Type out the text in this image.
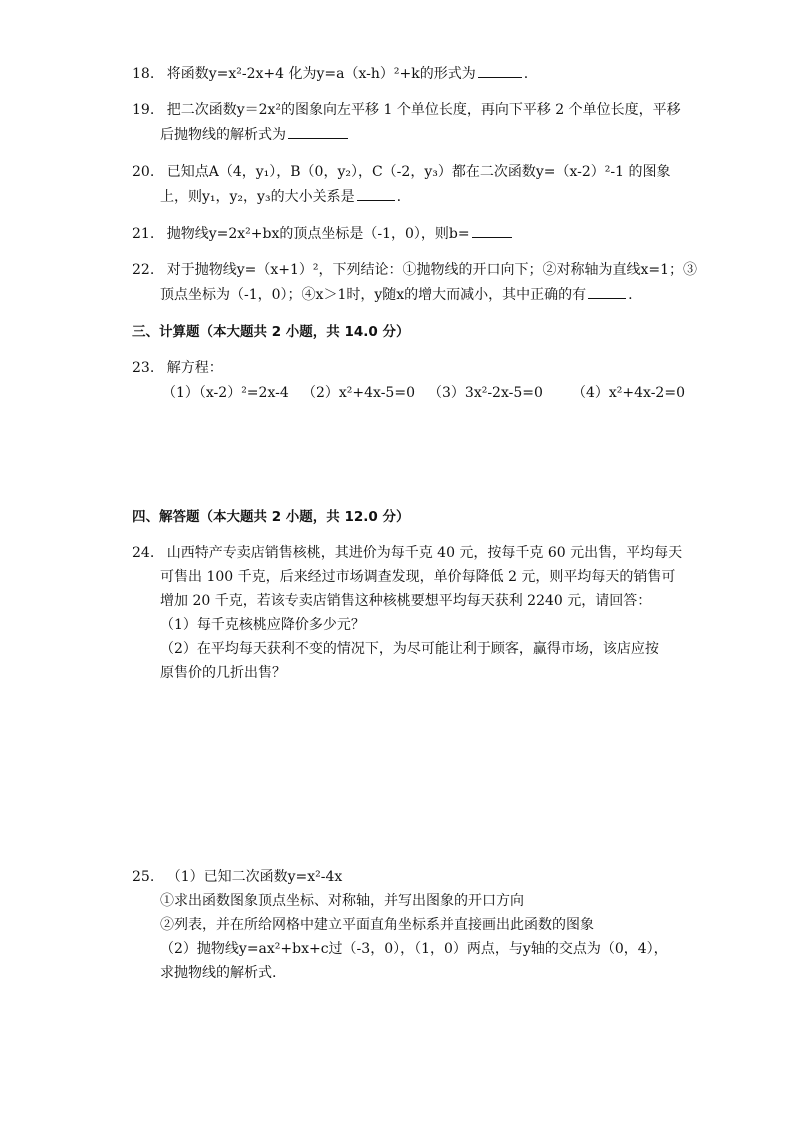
18. 将函数y=x²-2x+4 化为y=a（x-h）²+k的形式为	.
19. 把二次函数y＝2x²的图象向左平移 1 个单位长度，再向下平移 2 个单位长度，平移
后抛物线的解析式为
20. 已知点A（4，y₁），B（0，y₂），C（-2，y₃）都在二次函数y=（x-2）²-1 的图象
上，则y₁，y₂，y₃的大小关系是	.
21. 抛物线y=2x²+bx的顶点坐标是（-1，0），则b=
22. 对于抛物线y=（x+1）²，下列结论：①抛物线的开口向下；②对称轴为直线x=1；③
顶点坐标为（-1，0）；④x＞1时，y随x的增大而减小，其中正确的有	.
三、计算题（本大题共 2 小题，共 14.0 分）
23. 解方程：
（1）（x-2）²=2x-4 （2）x²+4x-5=0 （3）3x²-2x-5=0 （4）x²+4x-2=0
四、解答题（本大题共 2 小题，共 12.0 分）
24. 山西特产专卖店销售核桃，其进价为每千克 40 元，按每千克 60 元出售，平均每天
可售出 100 千克，后来经过市场调查发现，单价每降低 2 元，则平均每天的销售可
增加 20 千克，若该专卖店销售这种核桃要想平均每天获利 2240 元，请回答：
（1）每千克核桃应降价多少元？
（2）在平均每天获利不变的情况下，为尽可能让利于顾客，赢得市场，该店应按
原售价的几折出售？
25. （1）已知二次函数y=x²-4x
①求出函数图象顶点坐标、对称轴，并写出图象的开口方向
②列表，并在所给网格中建立平面直角坐标系并直接画出此函数的图象
（2）抛物线y=ax²+bx+c过（-3，0），（1，0）两点，与y轴的交点为（0，4），
求抛物线的解析式.
